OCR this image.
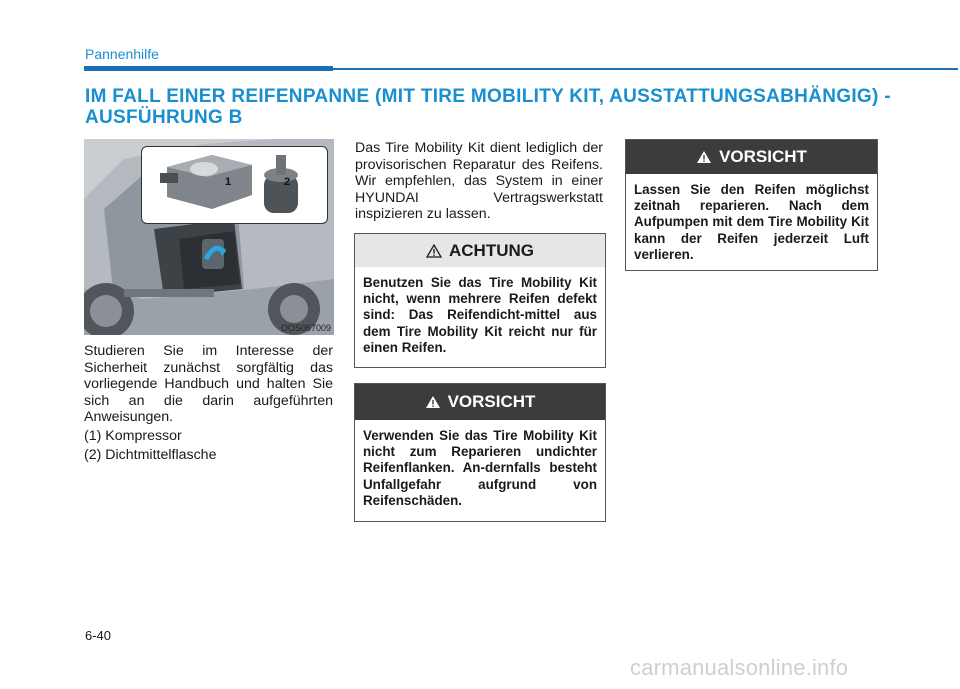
Pannenhilfe
IM FALL EINER REIFENPANNE (MIT TIRE MOBILITY KIT, AUSSTATTUNGSABHÄNGIG) - AUSFÜHRUNG B
OOS067009
1	2
Studieren Sie im Interesse der Sicherheit zunächst sorgfältig das vorliegende Handbuch und halten Sie sich an die darin aufgeführten Anweisungen.
(1) Kompressor
(2) Dichtmittelflasche
Das Tire Mobility Kit dient lediglich der provisorischen Reparatur des Reifens. Wir empfehlen, das System in einer HYUNDAI Vertragswerkstatt inspizieren zu lassen.
ACHTUNG
Benutzen Sie das Tire Mobility Kit nicht, wenn mehrere Reifen defekt sind: Das Reifendicht-mittel aus dem Tire Mobility Kit reicht nur für einen Reifen.
VORSICHT
Verwenden Sie das Tire Mobility Kit nicht zum Reparieren undichter Reifenflanken. An-dernfalls besteht Unfallgefahr aufgrund von Reifenschäden.
VORSICHT
Lassen Sie den Reifen möglichst zeitnah reparieren. Nach dem Aufpumpen mit dem Tire Mobility Kit kann der Reifen jederzeit Luft verlieren.
6-40
carmanualsonline.info
